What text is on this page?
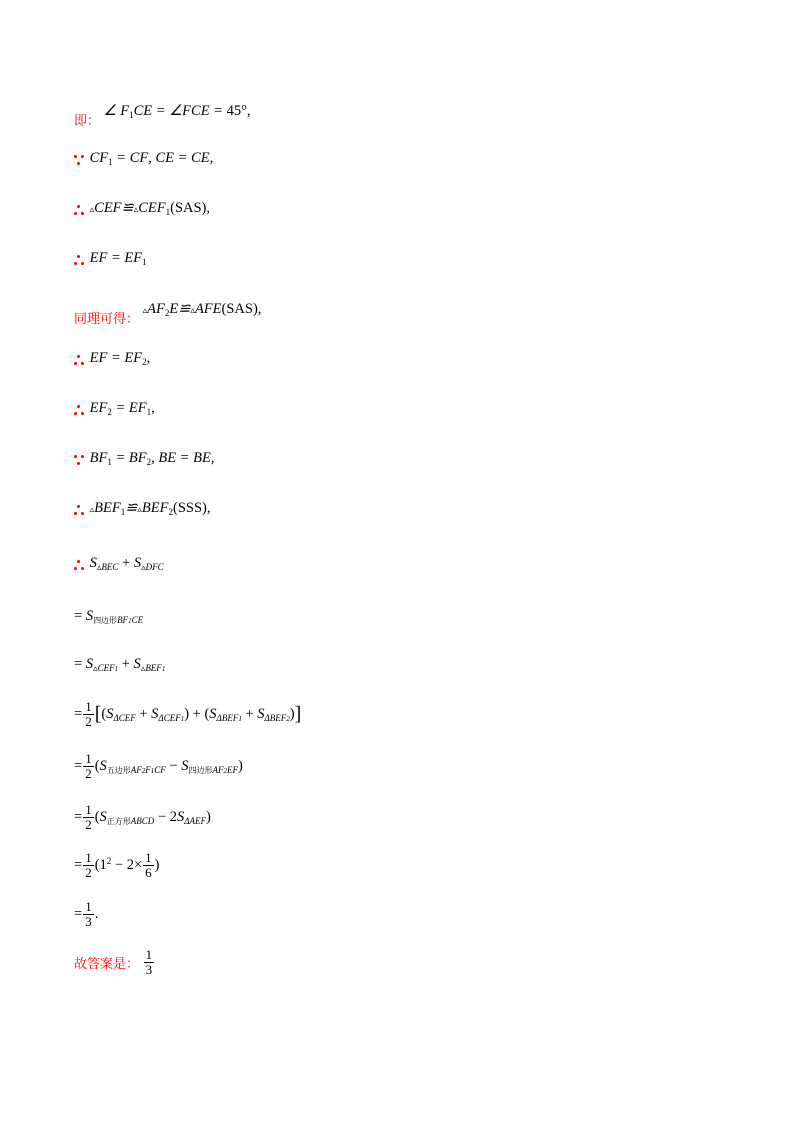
即： ∠ $F_1CE$ = ∠FCE = 45°,
$CF_1$ = CF, CE = CE,
$▵CEF≌▵CEF_1(SAS)$,
EF = $EF_1$
同理可得： $▵AF_2E≌▵AFE(SAS)$,
EF = $EF_2$,
$EF_2 = EF_1$,
$BF_1 = BF_2$, BE = BE,
$▵BEF_1≌▵BEF_2(SSS)$,
$S_{▵BEC} + S_{▵DFC}$
= $S_{四边形BF1CE}$
= $S_{▵CEF1} + S_{▵BEF1}$
= $\frac{1}{2} [(S_{\Delta CEF} + S_{\Delta CEF1}) + (S_{\Delta BEF1} + S_{\Delta BEF2})]$
= $\frac{1}{2} (S_{五边形AF2F1CF} - S_{四边形AF2EF})$
= $\frac{1}{2} (S_{正方形ABCD} - 2S_{\Delta AEF})$
= $\frac{1}{2} (1^2 - 2\times \frac{1}{6}$ )
= $\frac{1}{3}$ .
故答案是： $\frac{1}{3}$
